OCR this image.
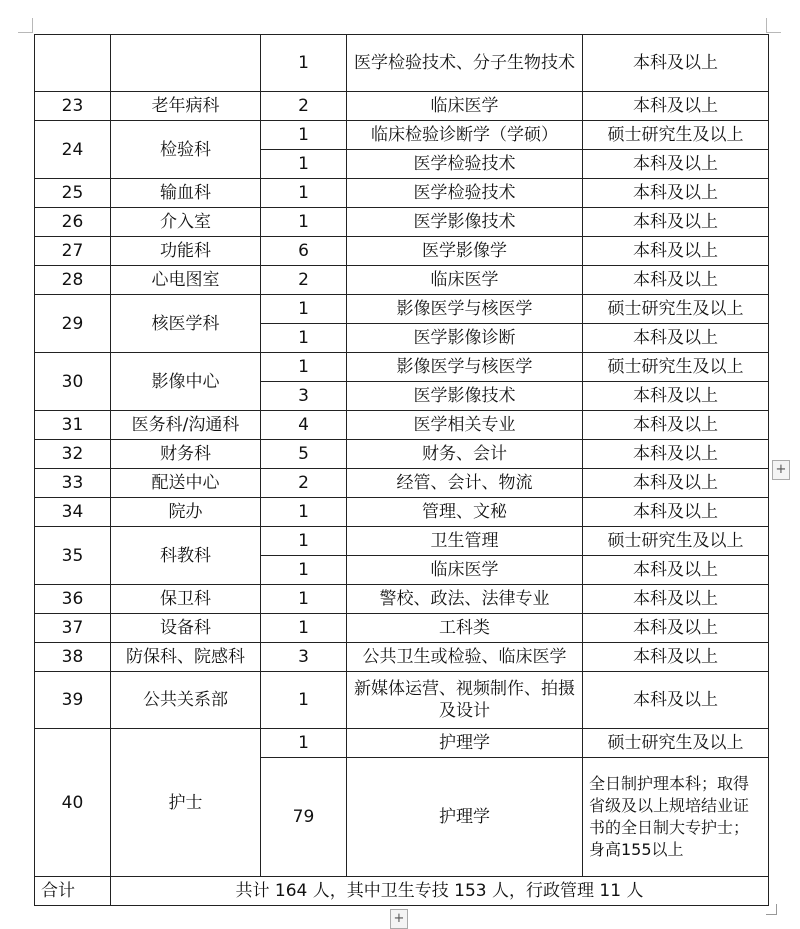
		1	医学检验技术、分子生物技术	本科及以上
23	老年病科	2	临床医学	本科及以上
24	检验科	1	临床检验诊断学（学硕）	硕士研究生及以上
		1	医学检验技术	本科及以上
25	输血科	1	医学检验技术	本科及以上
26	介入室	1	医学影像技术	本科及以上
27	功能科	6	医学影像学	本科及以上
28	心电图室	2	临床医学	本科及以上
29	核医学科	1	影像医学与核医学	硕士研究生及以上
		1	医学影像诊断	本科及以上
30	影像中心	1	影像医学与核医学	硕士研究生及以上
		3	医学影像技术	本科及以上
31	医务科/沟通科	4	医学相关专业	本科及以上
32	财务科	5	财务、会计	本科及以上
33	配送中心	2	经管、会计、物流	本科及以上
34	院办	1	管理、文秘	本科及以上
35	科教科	1	卫生管理	硕士研究生及以上
		1	临床医学	本科及以上
36	保卫科	1	警校、政法、法律专业	本科及以上
37	设备科	1	工科类	本科及以上
38	防保科、院感科	3	公共卫生或检验、临床医学	本科及以上
39	公共关系部	1	新媒体运营、视频制作、拍摄及设计	本科及以上
40	护士	1	护理学	硕士研究生及以上
		79	护理学	全日制护理本科；取得省级及以上规培结业证书的全日制大专护士；身高155以上
合计	共计 164 人，其中卫生专技 153 人，行政管理 11 人			
+
+
